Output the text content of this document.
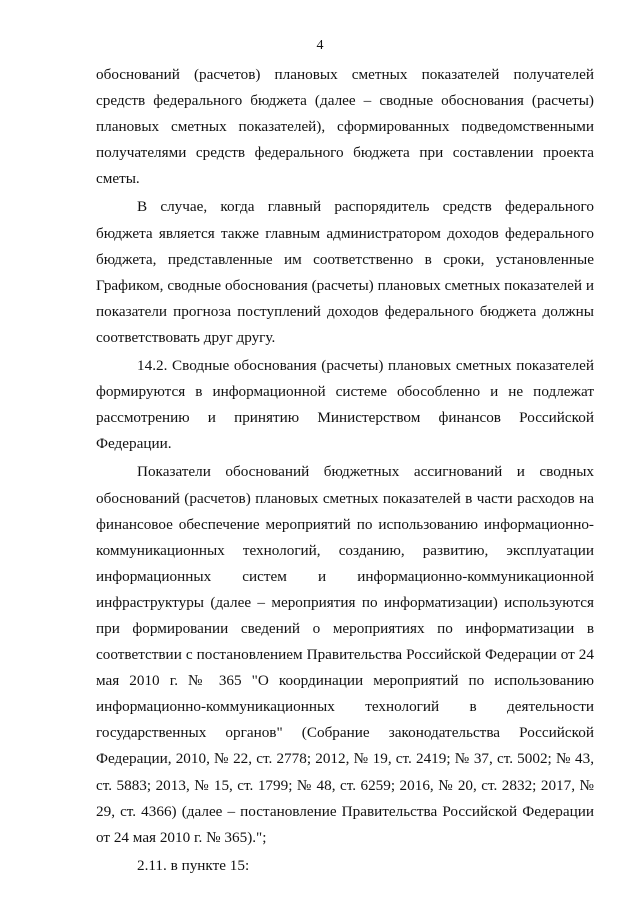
4

обоснований (расчетов) плановых сметных показателей получателей средств федерального бюджета (далее – сводные обоснования (расчеты) плановых сметных показателей), сформированных подведомственными получателями средств федерального бюджета при составлении проекта сметы.

В случае, когда главный распорядитель средств федерального бюджета является также главным администратором доходов федерального бюджета, представленные им соответственно в сроки, установленные Графиком, сводные обоснования (расчеты) плановых сметных показателей и показатели прогноза поступлений доходов федерального бюджета должны соответствовать друг другу.

14.2. Сводные обоснования (расчеты) плановых сметных показателей формируются в информационной системе обособленно и не подлежат рассмотрению и принятию Министерством финансов Российской Федерации.

Показатели обоснований бюджетных ассигнований и сводных обоснований (расчетов) плановых сметных показателей в части расходов на финансовое обеспечение мероприятий по использованию информационно-коммуникационных технологий, созданию, развитию, эксплуатации информационных систем и информационно-коммуникационной инфраструктуры (далее – мероприятия по информатизации) используются при формировании сведений о мероприятиях по информатизации в соответствии с постановлением Правительства Российской Федерации от 24 мая 2010 г. № 365 "О координации мероприятий по использованию информационно-коммуникационных технологий в деятельности государственных органов" (Собрание законодательства Российской Федерации, 2010, № 22, ст. 2778; 2012, № 19, ст. 2419; № 37, ст. 5002; № 43, ст. 5883; 2013, № 15, ст. 1799; № 48, ст. 6259; 2016, № 20, ст. 2832; 2017, № 29, ст. 4366) (далее – постановление Правительства Российской Федерации от 24 мая 2010 г. № 365).";

2.11. в пункте 15:
